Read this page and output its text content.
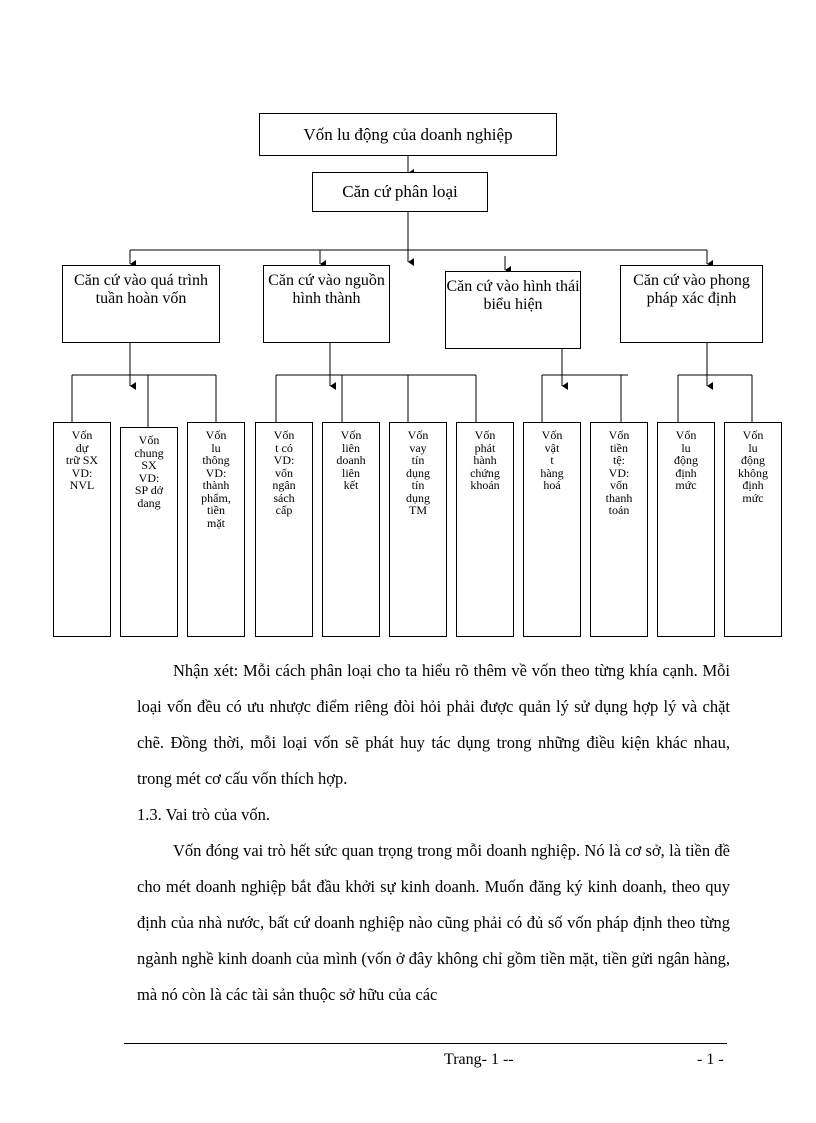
Vốn lu động của doanh nghiệp
Căn cứ phân loại
Căn cứ vào quá trình tuần hoàn vốn
Căn cứ vào nguồn hình thành
Căn cứ vào hình thái biểu hiện
Căn cứ vào phong pháp xác định
Vốn
dự
trữ SX
VD:
NVL
Vốn
chung
SX
VD:
SP dở
dang
Vốn
lu
thông
VD:
thành
phẩm,
tiền
mặt
Vốn
t có
VD:
vốn
ngân
sách
cấp
Vốn
liên
doanh
liên
kết
Vốn
vay
tín
dụng
tín
dụng
TM
Vốn
phát
hành
chứng
khoán
Vốn
vật
t
hàng
hoá
Vốn
tiền
tệ:
VD:
vốn
thanh
toán
Vốn
lu
động
định
mức
Vốn
lu
động
không
định
mức
Nhận xét: Mỗi cách phân loại cho ta hiểu rõ thêm về vốn theo từng khía cạnh. Mỗi loại vốn đều có ưu nhược điểm riêng đòi hỏi phải được quản lý sử dụng hợp lý và chặt chẽ. Đồng thời, mỗi loại vốn sẽ phát huy tác dụng trong những điều kiện khác nhau, trong mét cơ cấu vốn thích hợp.
1.3. Vai trò của vốn.
Vốn đóng vai trò hết sức quan trọng trong mỗi doanh nghiệp. Nó là cơ sở, là tiền đề cho mét doanh nghiệp bắt đầu khởi sự kinh doanh. Muốn đăng ký kinh doanh, theo quy định của nhà nước, bất cứ doanh nghiệp nào cũng phải có đủ số vốn pháp định theo từng ngành nghề kinh doanh của mình (vốn ở đây không chỉ gồm tiền mặt, tiền gửi ngân hàng, mà nó còn là các tài sản thuộc sở hữu của các
Trang- 1 --	- 1 -
